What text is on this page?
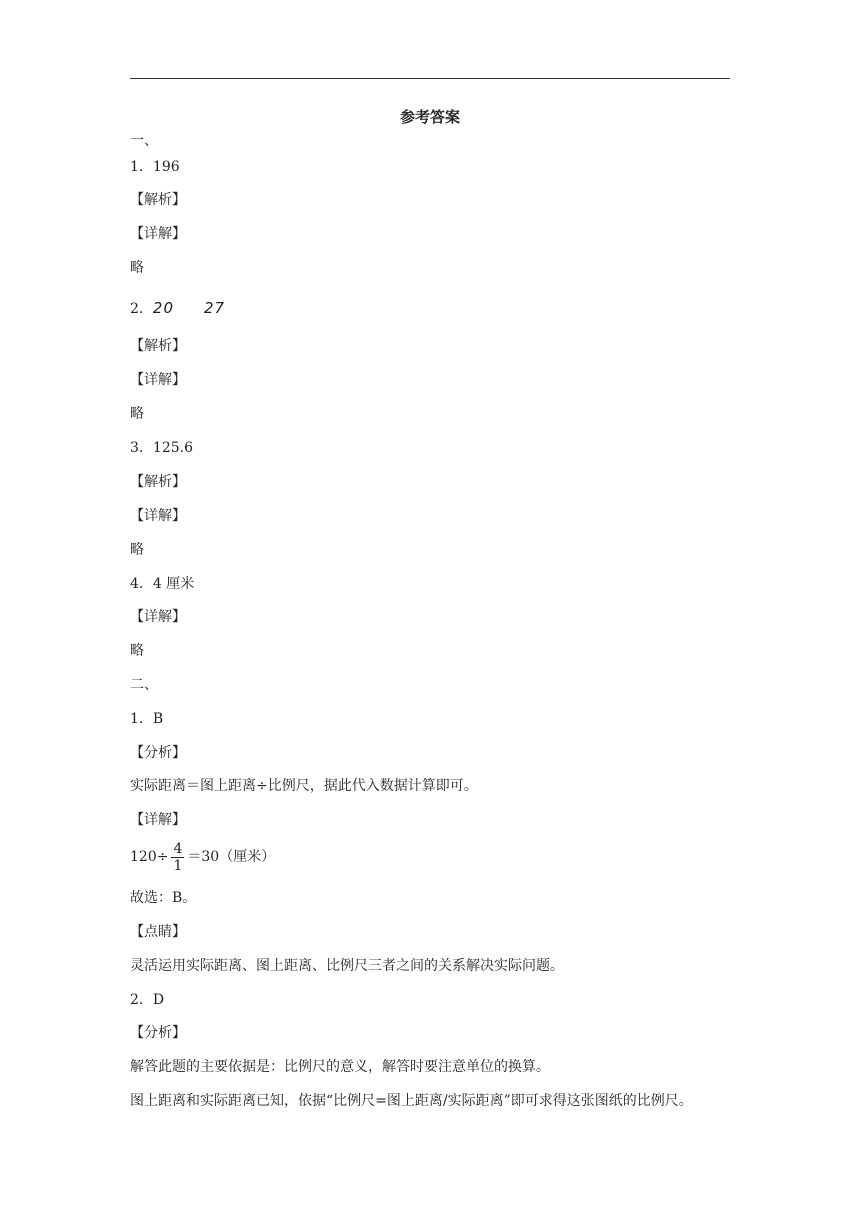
参考答案
一、
1．196
【解析】
【详解】
略
2．20 27
【解析】
【详解】
略
3．125.6
【解析】
【详解】
略
4．4 厘米
【详解】
略
二、
1．B
【分析】
实际距离＝图上距离÷比例尺，据此代入数据计算即可。
【详解】
$120\div \frac{4}{1} =30$（厘米）
故选：B。
【点睛】
灵活运用实际距离、图上距离、比例尺三者之间的关系解决实际问题。
2．D
【分析】
解答此题的主要依据是：比例尺的意义，解答时要注意单位的换算。
图上距离和实际距离已知，依据“比例尺=图上距离/实际距离”即可求得这张图纸的比例尺。
